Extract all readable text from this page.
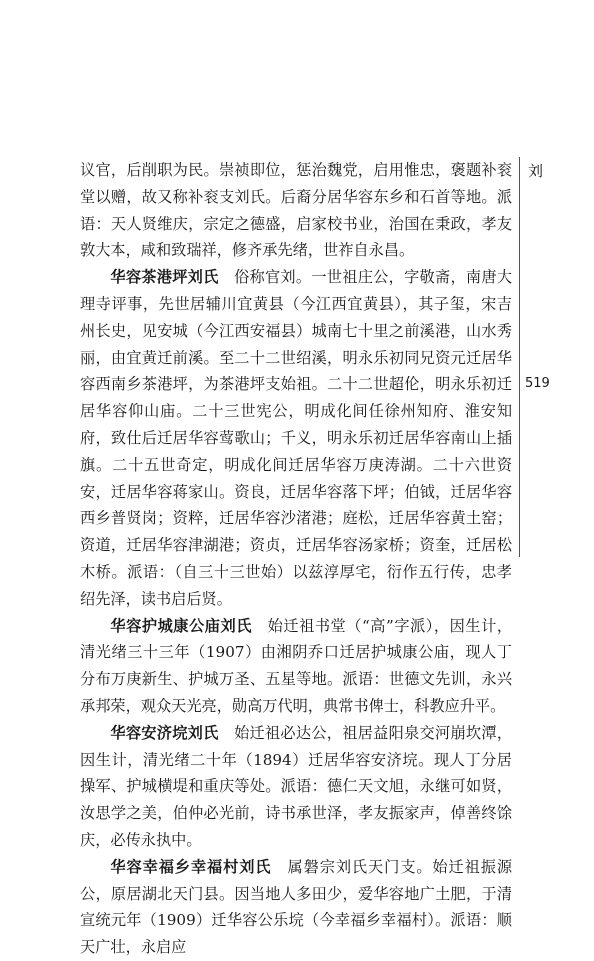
议官，后削职为民。崇祯即位，惩治魏党，启用惟忠，褒题补衮堂以赠，故又称补衮支刘氏。后裔分居华容东乡和石首等地。派语：天人贤维庆，宗定之德盛，启家校书业，治国在秉政，孝友敦大本，咸和致瑞祥，修齐承先绪，世祚自永昌。

华容茶港坪刘氏　 俗称官刘。一世祖庄公，字敬斋，南唐大理寺评事，先世居辅川宜黄县（今江西宜黄县），其子玺，宋吉州长史，见安城（今江西安福县）城南七十里之前溪港，山水秀丽，由宜黄迁前溪。至二十二世绍溪，明永乐初同兄资元迁居华容西南乡茶港坪，为茶港坪支始祖。二十二世超伦，明永乐初迁居华容仰山庙。二十三世宪公，明成化间任徐州知府、淮安知府，致仕后迁居华容莺歌山；千义，明永乐初迁居华容南山上插旗。二十五世奇定，明成化间迁居华容万庚涛湖。二十六世资安，迁居华容蒋家山。资良，迁居华容落下坪；伯钺，迁居华容西乡普贤岗；资粹，迁居华容沙渚港；庭松，迁居华容黄土窑；资道，迁居华容津湖港；资贞，迁居华容汤家桥；资奎，迁居松木桥。派语：（自三十三世始）以兹淳厚宅，衍作五行传，忠孝绍先泽，读书启后贤。

华容护城康公庙刘氏　 始迁祖书堂（“高”字派），因生计，清光绪三十三年（1907）由湘阴乔口迁居护城康公庙，现人丁分布万庚新生、护城万圣、五星等地。派语：世德文先训，永兴承邦荣，观众天光亮，勋高万代明，典常书俾士，科教应升平。

华容安济垸刘氏　 始迁祖必达公，祖居益阳泉交河崩坎潭，因生计，清光绪二十年（1894）迁居华容安济垸。现人丁分居操军、护城横堤和重庆等处。派语：德仁天文旭，永继可如贤，汝思学之美，伯仲必光前，诗书承世泽，孝友振家声，倬善终馀庆，必传永执中。

华容幸福乡幸福村刘氏　 属磐宗刘氏天门支。始迁祖振源公，原居湖北天门县。因当地人多田少，爱华容地广土肥，于清宣统元年（1909）迁华容公乐垸（今幸福乡幸福村）。派语：顺天广壮，永启应

刘
519
